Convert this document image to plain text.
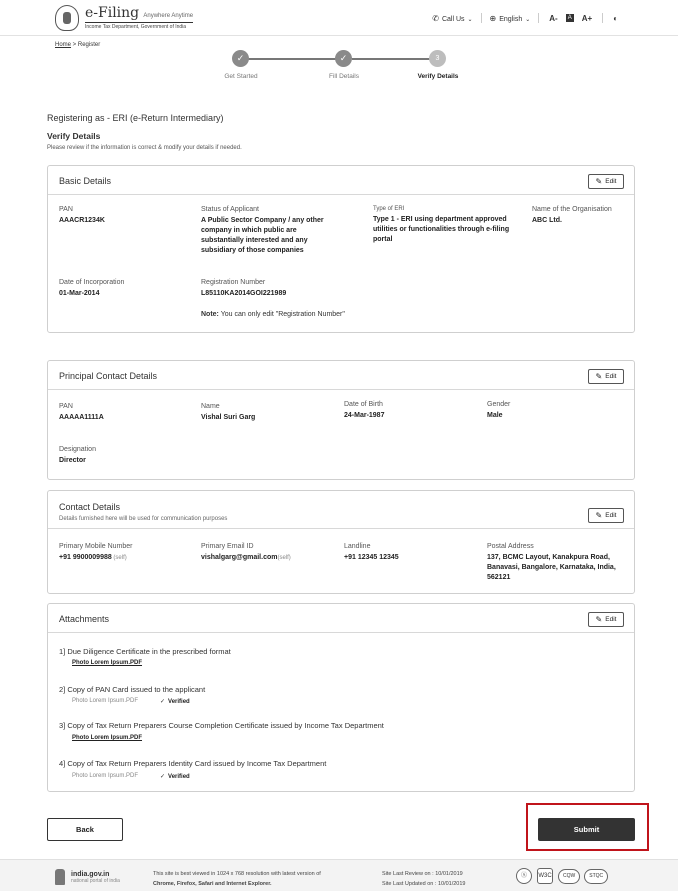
e-Filing Anywhere Anytime
Income Tax Department, Government of India
✆ Call Us ⌄ ⊕ English ⌄ A-	A A+	◐
Home > Register
✓	✓	3
Get Started	Fill Details	Verify Details
Registering as - ERI (e-Return Intermediary)
Verify Details
Please review if the information is correct & modify your details if needed.
Basic Details	✎ Edit
PAN
AAACR1234K
Status of Applicant
A Public Sector Company / any other company in which public are substantially interested and any subsidiary of those companies
Type of ERI
Type 1 - ERI using department approved utilities or functionalities through e-filing portal
Name of the Organisation
ABC Ltd.
Date of Incorporation
01-Mar-2014
Registration Number
L85110KA2014GOI221989
Note: You can only edit "Registration Number"
Principal Contact Details	✎ Edit
PAN
AAAAA1111A
Name
Vishal Suri Garg
Date of Birth
24-Mar-1987
Gender
Male
Designation
Director
Contact Details
Details furnished here will be used for communication purposes	✎ Edit
Primary Mobile Number
+91 9900009988 (self)
Primary Email ID
vishalgarg@gmail.com(self)
Landline
+91 12345 12345
Postal Address
137, BCMC Layout, Kanakpura Road, Banavasi, Bangalore, Karnataka, India, 562121
Attachments	✎ Edit
1] Due Diligence Certificate in the prescribed format
Photo Lorem Ipsum.PDF
2] Copy of PAN Card issued to the applicant
Photo Lorem Ipsum.PDF	✓ Verified
3] Copy of Tax Return Preparers Course Completion Certificate issued by Income Tax Department
Photo Lorem Ipsum.PDF
4] Copy of Tax Return Preparers Identity Card issued by Income Tax Department
Photo Lorem Ipsum.PDF	✓ Verified
Back	Submit
india.gov.in
national portal of india
This site is best viewed in 1024 x 768 resolution with latest version of
Chrome, Firefox, Safari and Internet Explorer.
Site Last Review on : 10/01/2019
Site Last Updated on : 10/01/2019
Ⓢ	W3C	CQW	STQC
